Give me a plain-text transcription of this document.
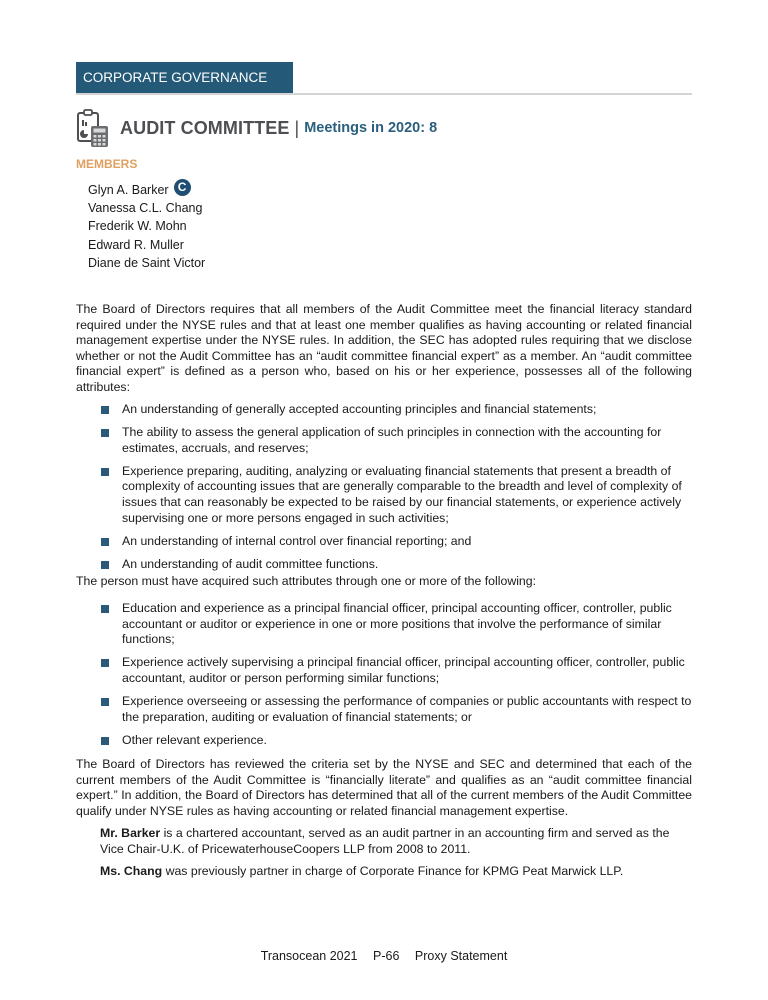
CORPORATE GOVERNANCE
AUDIT COMMITTEE | Meetings in 2020: 8
MEMBERS
Glyn A. Barker C
Vanessa C.L. Chang
Frederik W. Mohn
Edward R. Muller
Diane de Saint Victor

The Board of Directors requires that all members of the Audit Committee meet the financial literacy standard required under the NYSE rules and that at least one member qualifies as having accounting or related financial management expertise under the NYSE rules. In addition, the SEC has adopted rules requiring that we disclose whether or not the Audit Committee has an “audit committee financial expert” as a member. An “audit committee financial expert” is defined as a person who, based on his or her experience, possesses all of the following attributes:

An understanding of generally accepted accounting principles and financial statements;
The ability to assess the general application of such principles in connection with the accounting for estimates, accruals, and reserves;
Experience preparing, auditing, analyzing or evaluating financial statements that present a breadth of complexity of accounting issues that are generally comparable to the breadth and level of complexity of issues that can reasonably be expected to be raised by our financial statements, or experience actively supervising one or more persons engaged in such activities;
An understanding of internal control over financial reporting; and
An understanding of audit committee functions.

The person must have acquired such attributes through one or more of the following:

Education and experience as a principal financial officer, principal accounting officer, controller, public accountant or auditor or experience in one or more positions that involve the performance of similar functions;
Experience actively supervising a principal financial officer, principal accounting officer, controller, public accountant, auditor or person performing similar functions;
Experience overseeing or assessing the performance of companies or public accountants with respect to the preparation, auditing or evaluation of financial statements; or
Other relevant experience.

The Board of Directors has reviewed the criteria set by the NYSE and SEC and determined that each of the current members of the Audit Committee is “financially literate” and qualifies as an “audit committee financial expert.” In addition, the Board of Directors has determined that all of the current members of the Audit Committee qualify under NYSE rules as having accounting or related financial management expertise.

Mr. Barker is a chartered accountant, served as an audit partner in an accounting firm and served as the Vice Chair-U.K. of PricewaterhouseCoopers LLP from 2008 to 2011.

Ms. Chang was previously partner in charge of Corporate Finance for KPMG Peat Marwick LLP.

Transocean 2021 P-66 Proxy Statement
